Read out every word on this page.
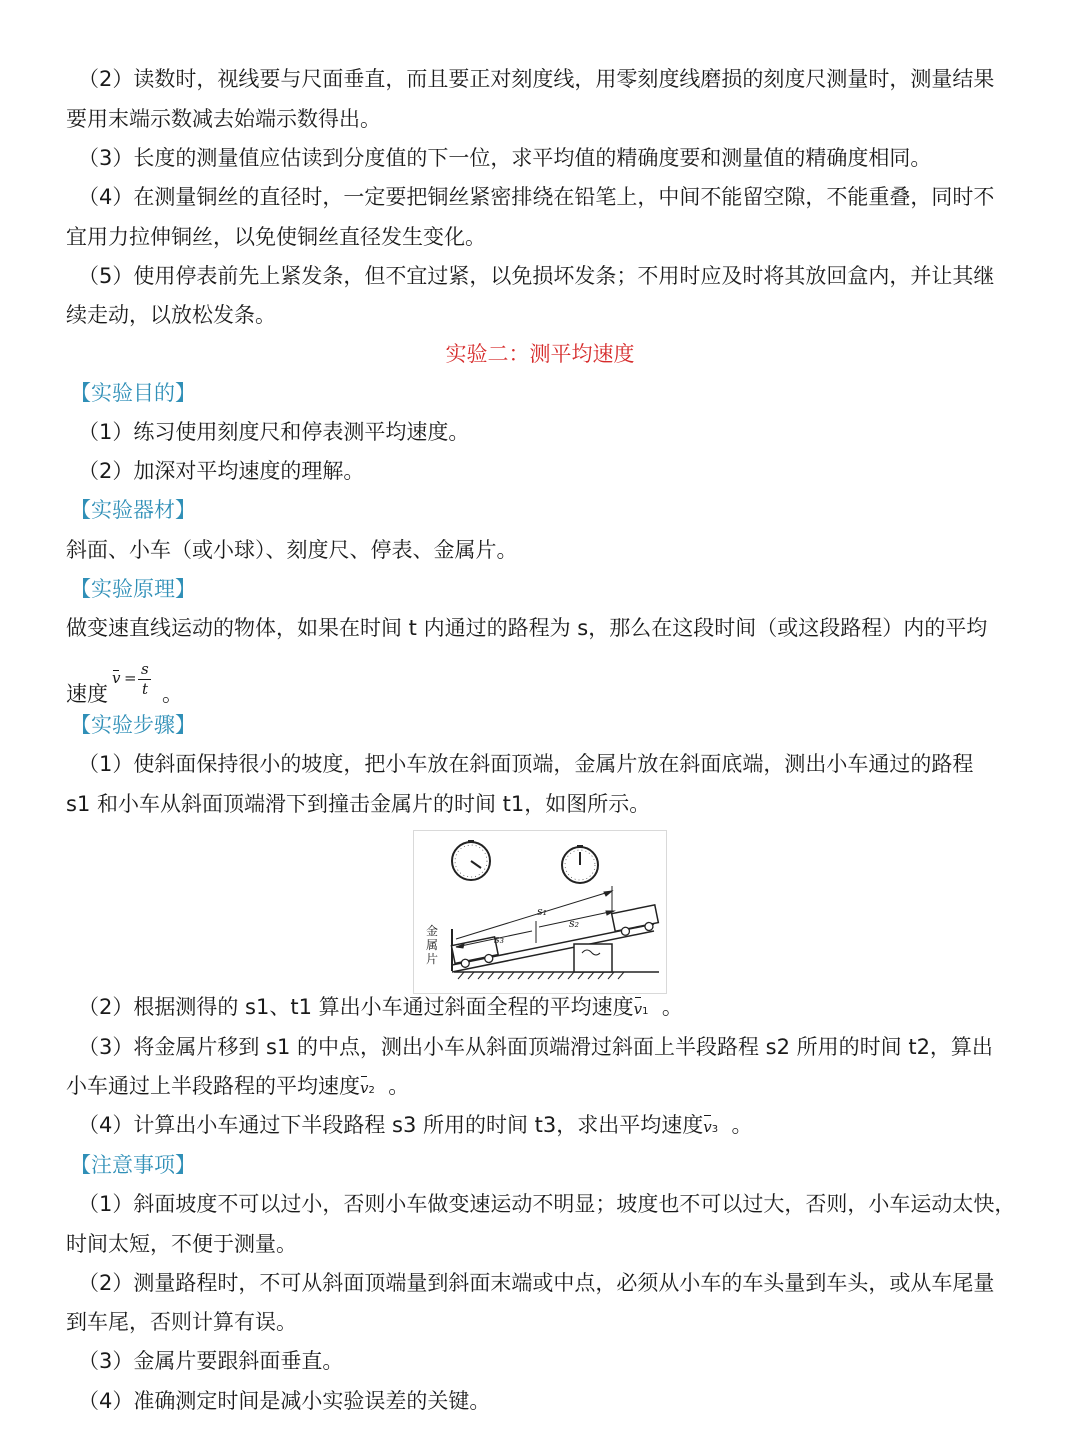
（2）读数时，视线要与尺面垂直，而且要正对刻度线，用零刻度线磨损的刻度尺测量时，测量结果
要用末端示数减去始端示数得出。
（3）长度的测量值应估读到分度值的下一位，求平均值的精确度要和测量值的精确度相同。
（4）在测量铜丝的直径时，一定要把铜丝紧密排绕在铅笔上，中间不能留空隙，不能重叠，同时不
宜用力拉伸铜丝，以免使铜丝直径发生变化。
（5）使用停表前先上紧发条，但不宜过紧，以免损坏发条；不用时应及时将其放回盒内，并让其继
续走动，以放松发条。
实验二：测平均速度
【实验目的】
（1）练习使用刻度尺和停表测平均速度。
（2）加深对平均速度的理解。
【实验器材】
斜面、小车（或小球）、刻度尺、停表、金属片。
【实验原理】
做变速直线运动的物体，如果在时间 t 内通过的路程为 s，那么在这段时间（或这段路程）内的平均
速度
v = s
t 。
【实验步骤】
（1）使斜面保持很小的坡度，把小车放在斜面顶端，金属片放在斜面底端，测出小车通过的路程
s1 和小车从斜面顶端滑下到撞击金属片的时间 t1，如图所示。
s₁
s₂
s₃
金
属
片
（2）根据测得的 s1、t1 算出小车通过斜面全程的平均速度v1 。
（3）将金属片移到 s1 的中点，测出小车从斜面顶端滑过斜面上半段路程 s2 所用的时间 t2，算出
小车通过上半段路程的平均速度v2 。
（4）计算出小车通过下半段路程 s3 所用的时间 t3，求出平均速度v3 。
【注意事项】
（1）斜面坡度不可以过小，否则小车做变速运动不明显；坡度也不可以过大，否则，小车运动太快，
时间太短，不便于测量。
（2）测量路程时，不可从斜面顶端量到斜面末端或中点，必须从小车的车头量到车头，或从车尾量
到车尾，否则计算有误。
（3）金属片要跟斜面垂直。
（4）准确测定时间是减小实验误差的关键。
